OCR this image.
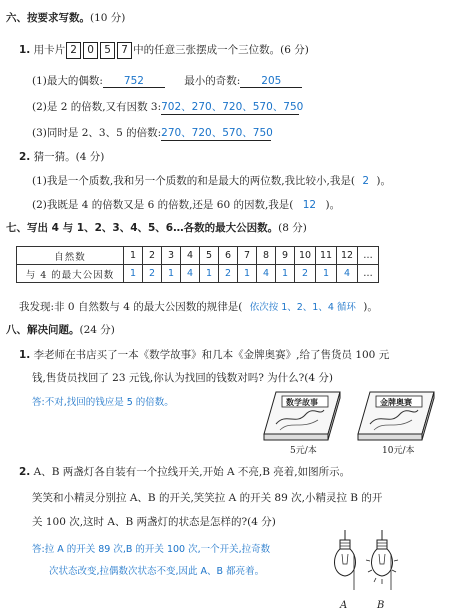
六、按要求写数。(10 分)
1. 用卡片 2 0 5 7 中的任意三张摆成一个三位数。(6 分)
(1)最大的偶数: 752	最小的奇数: 205
(2)是 2 的倍数,又有因数 3:702、270、720、570、750
(3)同时是 2、3、5 的倍数:270、720、570、750
2. 猜一猜。(4 分)
(1)我是一个质数,我和另一个质数的和是最大的两位数,我比较小,我是( 2 )。
(2)我既是 4 的倍数又是 6 的倍数,还是 60 的因数,我是( 12 )。
七、写出 4 与 1、2、3、4、5、6…各数的最大公因数。(8 分)
自然数	1	2	3	4	5	6	7	8	9	10	11	12	…
与 4 的最大公因数	1	2	1	4	1	2	1	4	1	2	1	4	…
我发现:非 0 自然数与 4 的最大公因数的规律是( 依次按 1、2、1、4 循环 )。
八、解决问题。(24 分)
1. 李老师在书店买了一本《数学故事》和几本《金牌奥赛》,给了售货员 100 元
钱,售货员找回了 23 元钱,你认为找回的钱数对吗? 为什么?(4 分)
答:不对,找回的钱应是 5 的倍数。	数学故事
5元/本
金牌奥赛
10元/本
2. A、B 两盏灯各自装有一个拉线开关,开始 A 不亮,B 亮着,如图所示。
笑笑和小精灵分别拉 A、B 的开关,笑笑拉 A 的开关 89 次,小精灵拉 B 的开
关 100 次,这时 A、B 两盏灯的状态是怎样的?(4 分)
答:拉 A 的开关 89 次,B 的开关 100 次,一个开关,拉奇数
次状态改变,拉偶数次状态不变,因此 A、B 都亮着。
A	B
